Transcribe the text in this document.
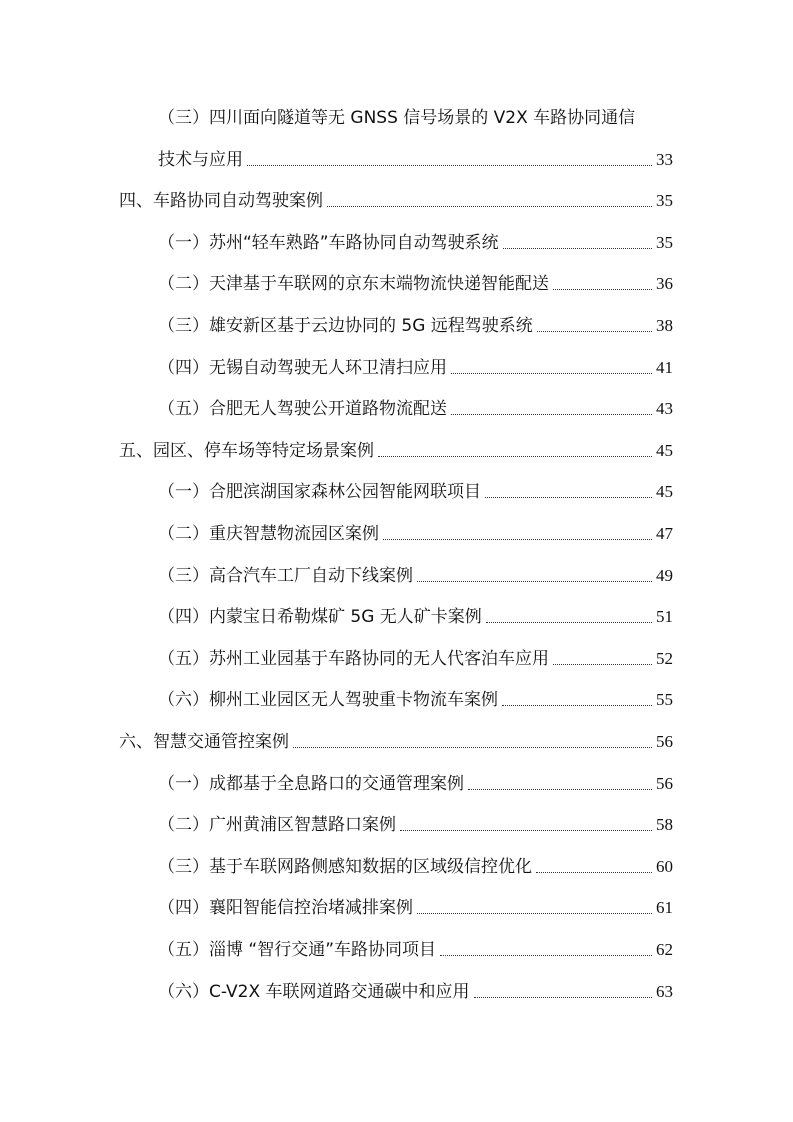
（三）四川面向隧道等无 GNSS 信号场景的 V2X 车路协同通信
技术与应用	33
四、车路协同自动驾驶案例	35
（一）苏州“轻车熟路”车路协同自动驾驶系统	35
（二）天津基于车联网的京东末端物流快递智能配送	36
（三）雄安新区基于云边协同的 5G 远程驾驶系统	38
（四）无锡自动驾驶无人环卫清扫应用	41
（五）合肥无人驾驶公开道路物流配送	43
五、园区、停车场等特定场景案例	45
（一）合肥滨湖国家森林公园智能网联项目	45
（二）重庆智慧物流园区案例	47
（三）高合汽车工厂自动下线案例	49
（四）内蒙宝日希勒煤矿 5G 无人矿卡案例	51
（五）苏州工业园基于车路协同的无人代客泊车应用	52
（六）柳州工业园区无人驾驶重卡物流车案例	55
六、智慧交通管控案例	56
（一）成都基于全息路口的交通管理案例	56
（二）广州黄浦区智慧路口案例	58
（三）基于车联网路侧感知数据的区域级信控优化	60
（四）襄阳智能信控治堵减排案例	61
（五）淄博 “智行交通”车路协同项目	62
（六）C-V2X 车联网道路交通碳中和应用	63
